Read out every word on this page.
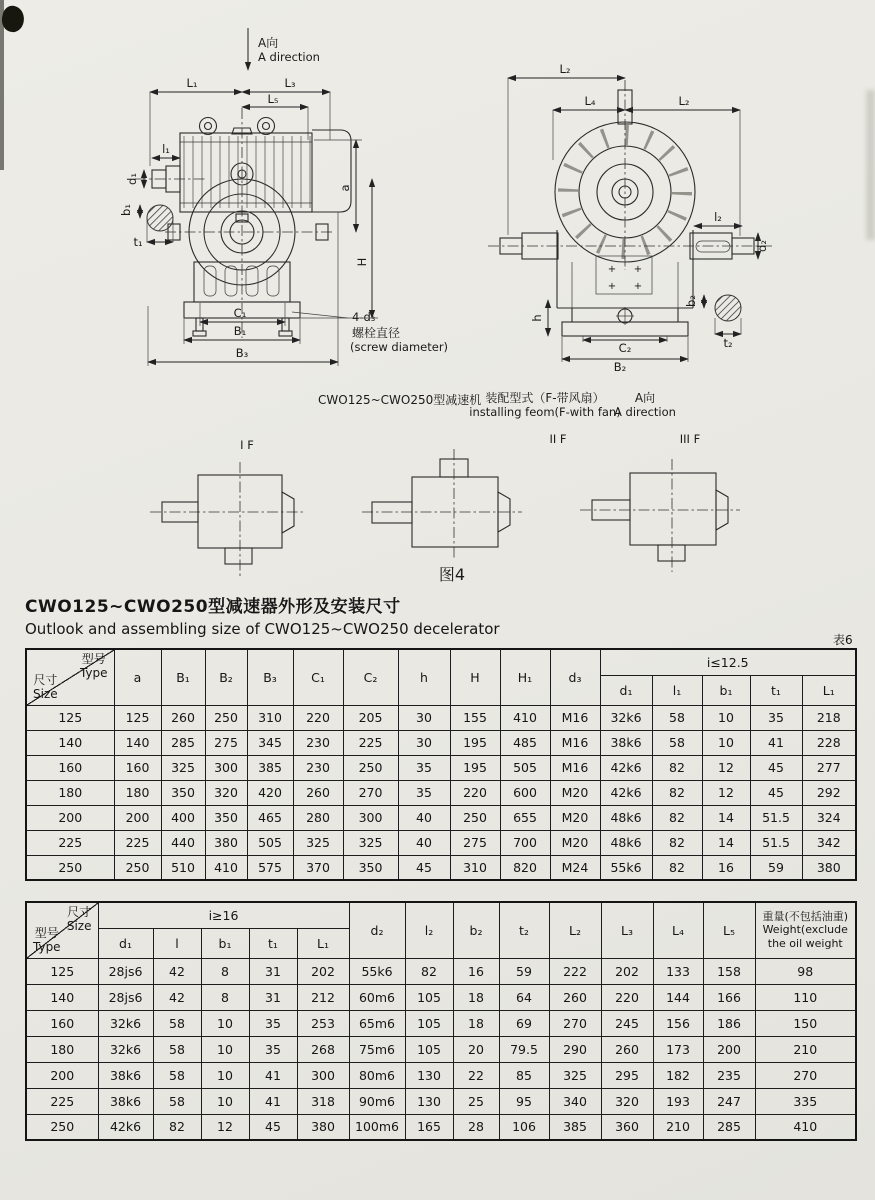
A向
A direction
L₁	L₃
L₅
4-d₃
螺栓直径
(screw diameter)
l₁
d₁
b₁
t₁
a
H
C₁
B₁
B₃
CWO125~CWO250型减速机
L₂
L₄	L₂
+ +
+ +
h
C₂
B₂
l₂
d₂
b₂
t₂
装配型式（F-带风扇）
installing feom(F-with fan)
A向
A direction
I F	II F	III F
图4
CWO125~CWO250型减速器外形及安装尺寸
Outlook and assembling size of CWO125~CWO250 decelerator
表6
型号
Type
尺寸
Size	a	B₁	B₂	B₃	C₁	C₂	h	H	H₁	d₃	i≤12.5				
											d₁	l₁	b₁	t₁	L₁
125	125	260	250	310	220	205	30	155	410	M16	32k6	58	10	35	218
140	140	285	275	345	230	225	30	195	485	M16	38k6	58	10	41	228
160	160	325	300	385	230	250	35	195	505	M16	42k6	82	12	45	277
180	180	350	320	420	260	270	35	220	600	M20	42k6	82	12	45	292
200	200	400	350	465	280	300	40	250	655	M20	48k6	82	14	51.5	324
225	225	440	380	505	325	325	40	275	700	M20	48k6	82	14	51.5	342
250	250	510	410	575	370	350	45	310	820	M24	55k6	82	16	59	380
尺寸
Size
型号
Type	i≥16					d₂	l₂	b₂	t₂	L₂	L₃	L₄	L₅	重量(不包括油重)
Weight(exclude the oil weight
	d₁	l	b₁	t₁	L₁									
125	28js6	42	8	31	202	55k6	82	16	59	222	202	133	158	98
140	28js6	42	8	31	212	60m6	105	18	64	260	220	144	166	110
160	32k6	58	10	35	253	65m6	105	18	69	270	245	156	186	150
180	32k6	58	10	35	268	75m6	105	20	79.5	290	260	173	200	210
200	38k6	58	10	41	300	80m6	130	22	85	325	295	182	235	270
225	38k6	58	10	41	318	90m6	130	25	95	340	320	193	247	335
250	42k6	82	12	45	380	100m6	165	28	106	385	360	210	285	410
